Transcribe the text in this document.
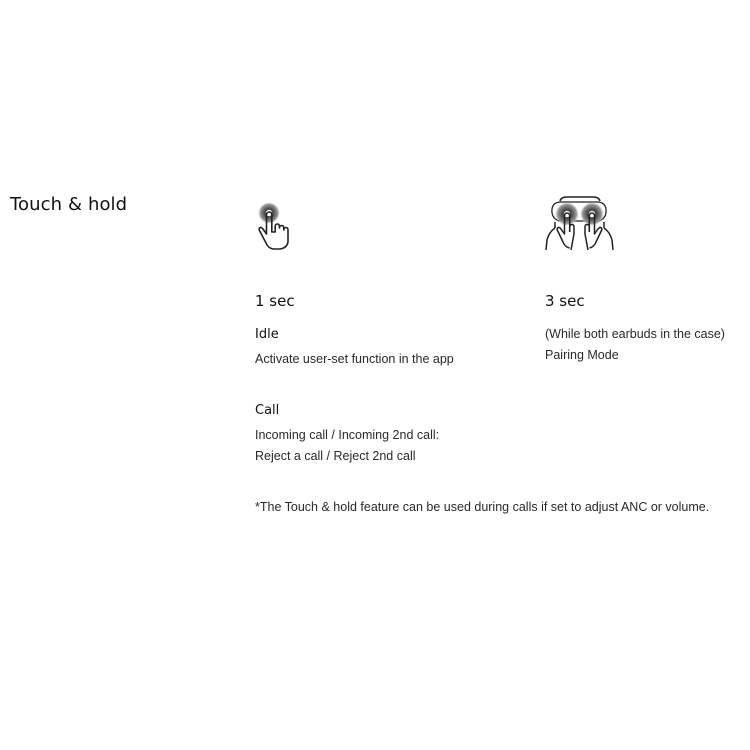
Touch & hold

1 sec	3 sec

Idle

Activate user-set function in the app

Call

Incoming call / Incoming 2nd call:
Reject a call / Reject 2nd call

(While both earbuds in the case)
Pairing Mode

*The Touch & hold feature can be used during calls if set to adjust ANC or volume.
